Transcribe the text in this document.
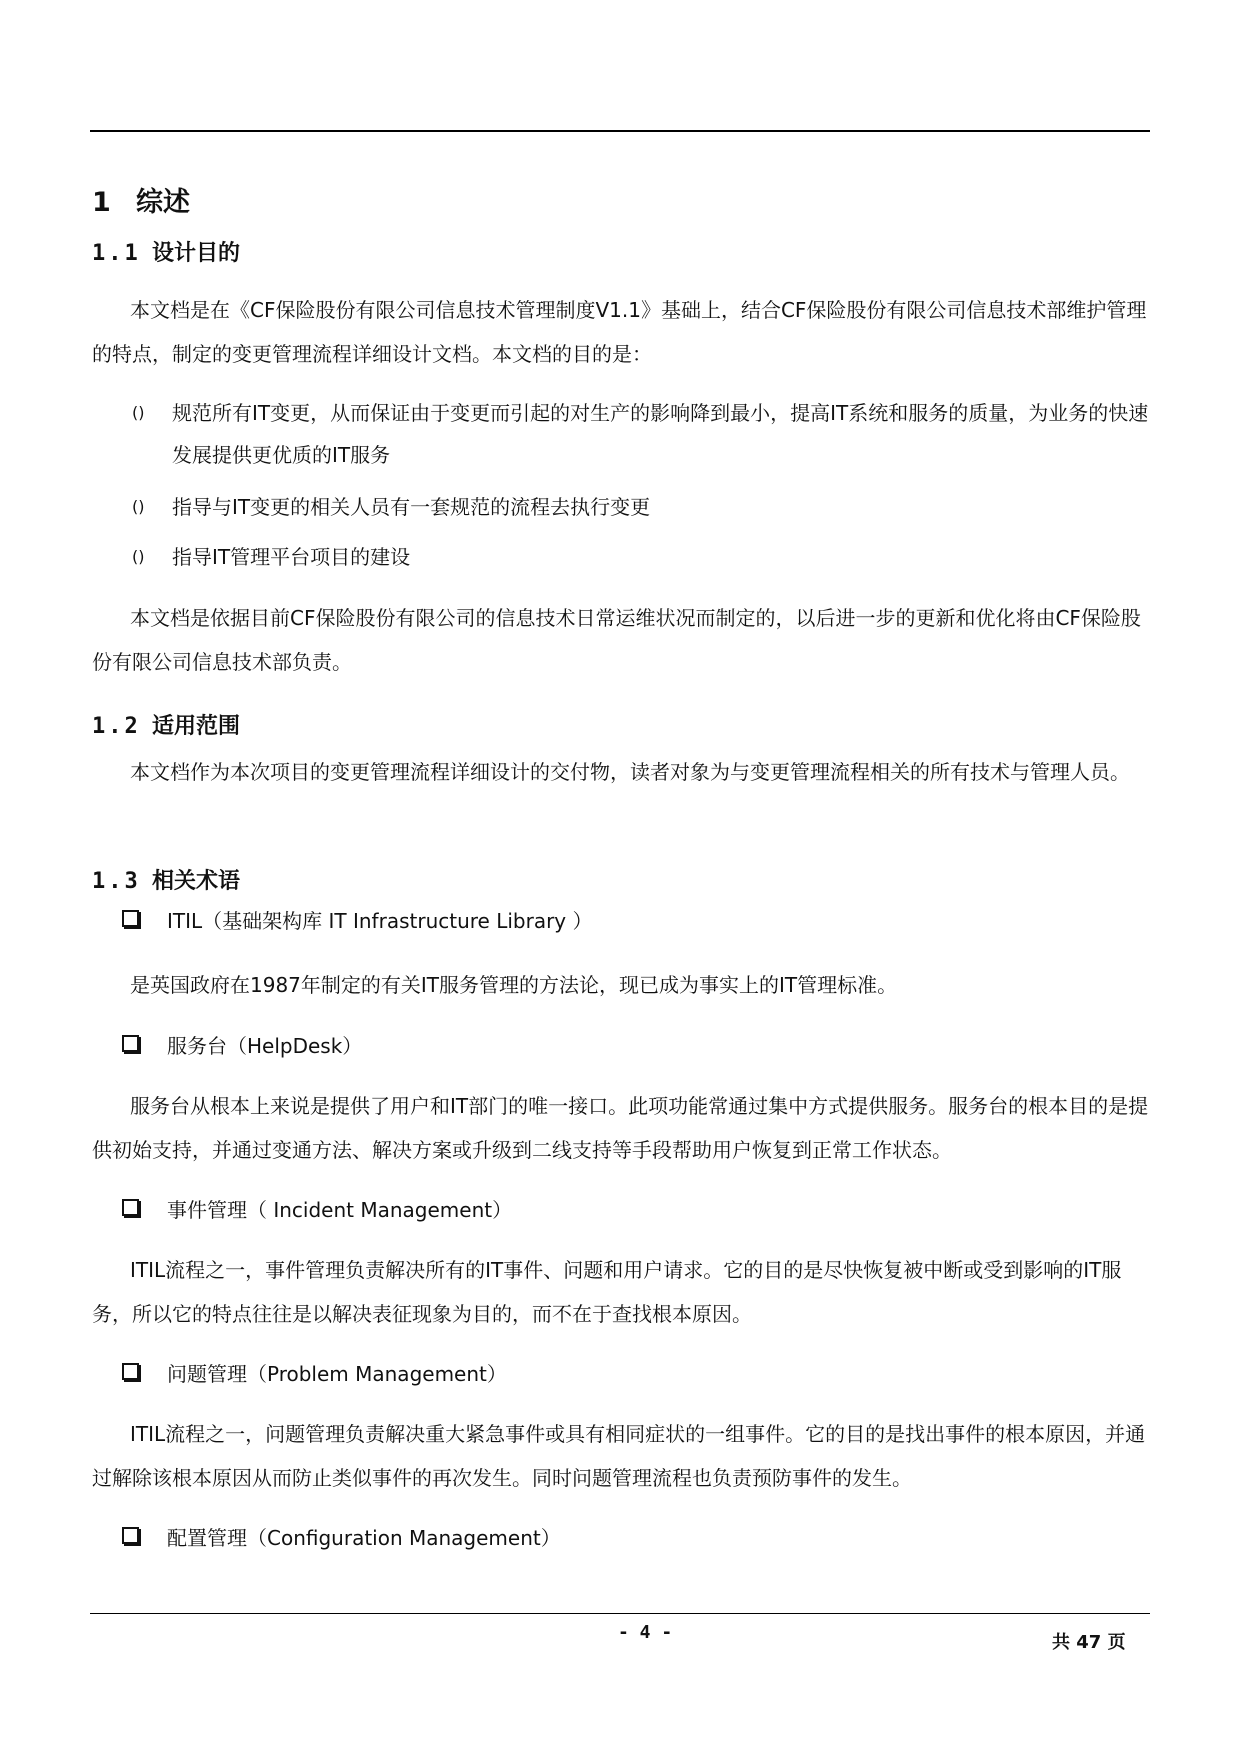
1 综述
1.1 设计目的
本文档是在《CF保险股份有限公司信息技术管理制度V1.1》基础上，结合CF保险股份有限公司信息技术部维护管理的特点，制定的变更管理流程详细设计文档。本文档的目的是：
()	规范所有IT变更，从而保证由于变更而引起的对生产的影响降到最小，提高IT系统和服务的质量，为业务的快速发展提供更优质的IT服务
()	指导与IT变更的相关人员有一套规范的流程去执行变更
()	指导IT管理平台项目的建设
本文档是依据目前CF保险股份有限公司的信息技术日常运维状况而制定的，以后进一步的更新和优化将由CF保险股份有限公司信息技术部负责。
1.2 适用范围
本文档作为本次项目的变更管理流程详细设计的交付物，读者对象为与变更管理流程相关的所有技术与管理人员。
1.3 相关术语
ITIL（基础架构库 IT Infrastructure Library ）
是英国政府在1987年制定的有关IT服务管理的方法论，现已成为事实上的IT管理标准。
服务台（HelpDesk）
服务台从根本上来说是提供了用户和IT部门的唯一接口。此项功能常通过集中方式提供服务。服务台的根本目的是提供初始支持，并通过变通方法、解决方案或升级到二线支持等手段帮助用户恢复到正常工作状态。
事件管理（ Incident Management）
ITIL流程之一，事件管理负责解决所有的IT事件、问题和用户请求。它的目的是尽快恢复被中断或受到影响的IT服务，所以它的特点往往是以解决表征现象为目的，而不在于查找根本原因。
问题管理（Problem Management）
ITIL流程之一，问题管理负责解决重大紧急事件或具有相同症状的一组事件。它的目的是找出事件的根本原因，并通过解除该根本原因从而防止类似事件的再次发生。同时问题管理流程也负责预防事件的发生。
配置管理（Configuration Management）
- 4 -	共 47 页
